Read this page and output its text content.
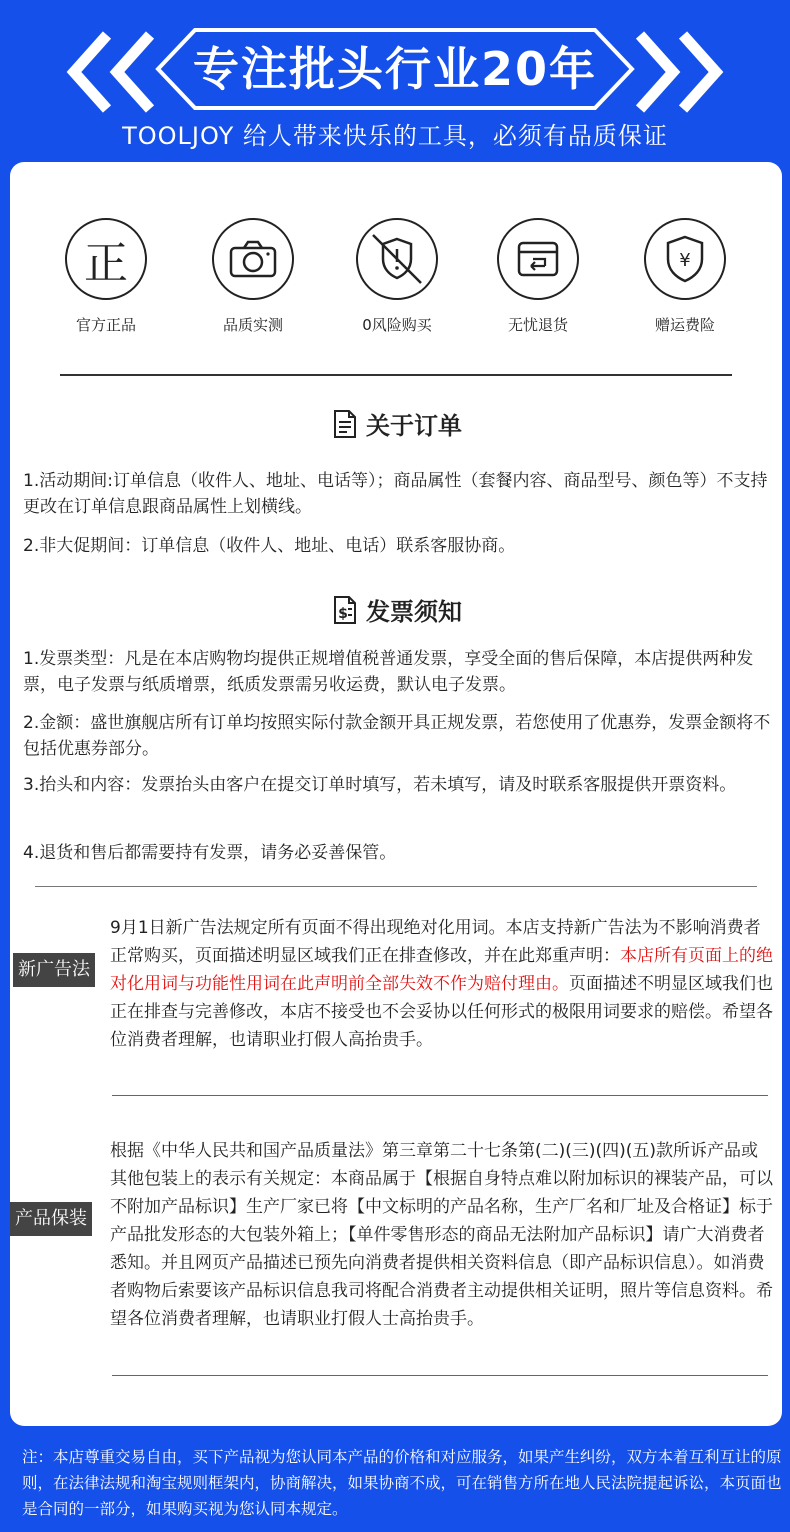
专注批头行业20年
TOOLJOY 给人带来快乐的工具，必须有品质保证
正
官方正品	品质实测	0风险购买	无忧退货
¥
赠运费险
关于订单
1.活动期间:订单信息（收件人、地址、电话等）；商品属性（套餐内容、商品型号、颜色等）不支持更改在订单信息跟商品属性上划横线。
2.非大促期间：订单信息（收件人、地址、电话）联系客服协商。
$ 发票须知
1.发票类型：凡是在本店购物均提供正规增值税普通发票，享受全面的售后保障，本店提供两种发票，电子发票与纸质增票，纸质发票需另收运费，默认电子发票。
2.金额：盛世旗舰店所有订单均按照实际付款金额开具正规发票，若您使用了优惠券，发票金额将不包括优惠券部分。
3.抬头和内容：发票抬头由客户在提交订单时填写，若未填写，请及时联系客服提供开票资料。
4.退货和售后都需要持有发票，请务必妥善保管。
新广告法
9月1日新广告法规定所有页面不得出现绝对化用词。本店支持新广告法为不影响消费者正常购买，页面描述明显区域我们正在排查修改，并在此郑重声明：本店所有页面上的绝对化用词与功能性用词在此声明前全部失效不作为赔付理由。页面描述不明显区域我们也正在排查与完善修改，本店不接受也不会妥协以任何形式的极限用词要求的赔偿。希望各位消费者理解，也请职业打假人高抬贵手。
产品保装
根据《中华人民共和国产品质量法》第三章第二十七条第(二)(三)(四)(五)款所诉产品或其他包装上的表示有关规定：本商品属于【根据自身特点难以附加标识的裸装产品，可以不附加产品标识】生产厂家已将【中文标明的产品名称，生产厂名和厂址及合格证】标于产品批发形态的大包装外箱上；【单件零售形态的商品无法附加产品标识】请广大消费者悉知。并且网页产品描述已预先向消费者提供相关资料信息（即产品标识信息）。如消费者购物后索要该产品标识信息我司将配合消费者主动提供相关证明，照片等信息资料。希望各位消费者理解，也请职业打假人士高抬贵手。
注：本店尊重交易自由，买下产品视为您认同本产品的价格和对应服务，如果产生纠纷，双方本着互利互让的原则，在法律法规和淘宝规则框架内，协商解决，如果协商不成，可在销售方所在地人民法院提起诉讼，本页面也是合同的一部分，如果购买视为您认同本规定。
